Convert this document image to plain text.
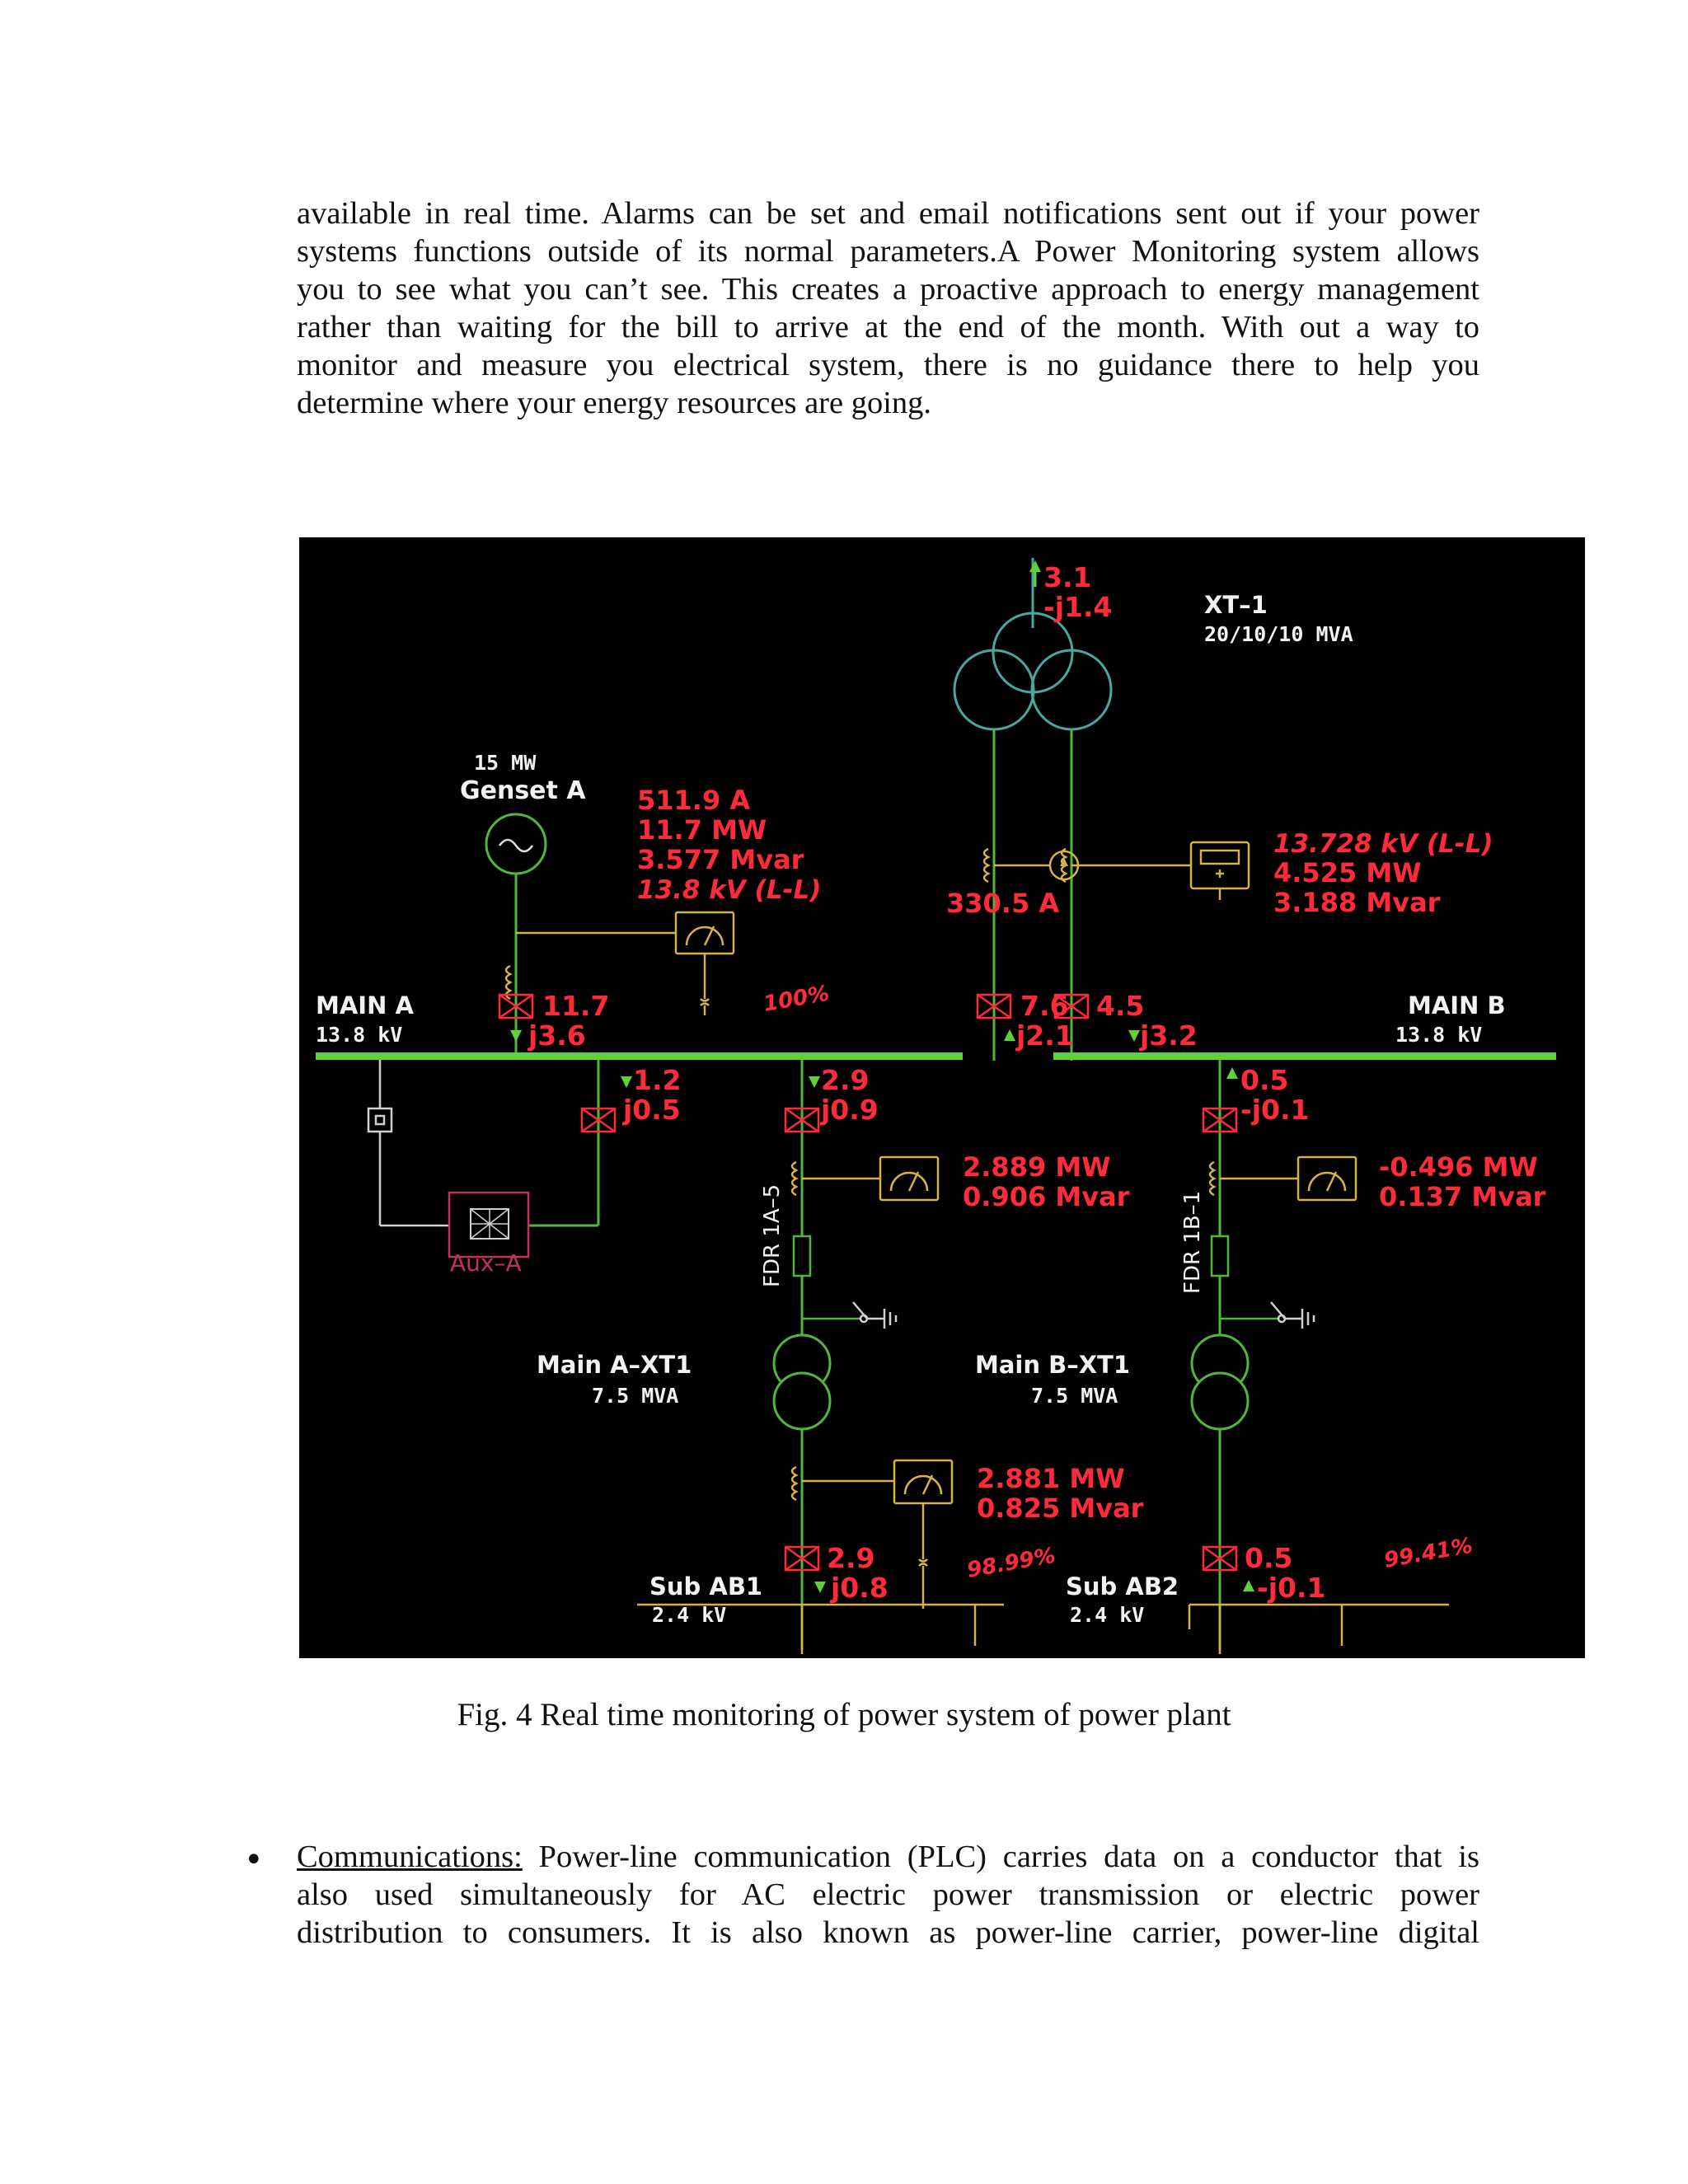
available in real time. Alarms can be set and email notifications sent out if your power
systems functions outside of its normal parameters.A Power Monitoring system allows
you to see what you can’t see. This creates a proactive approach to energy management
rather than waiting for the bill to arrive at the end of the month. With out a way to
monitor and measure you electrical system, there is no guidance there to help you
determine where your energy resources are going.
3.1
-j1.4	XT–1
20/10/10 MVA
330.5 A
13.728 kV (L-L)
4.525 MW
3.188 Mvar
15 MW
Genset A 511.9 A
11.7 MW
3.577 Mvar
13.8 kV (L-L)
11.7
j3.6
MAIN A
13.8 kV
MAIN B
13.8 kV
100%	7.6
j2.1
4.5
j3.2
Aux–A
1.2
j0.5
2.9
j0.9
2.889 MW
0.906 Mvar
FDR 1A–5
Main A–XT1
7.5 MVA
2.881 MW
0.825 Mvar
2.9
j0.8
98.99%
Sub AB1
2.4 kV
0.5
-j0.1
-0.496 MW
0.137 Mvar
FDR 1B–1
Main B–XT1
7.5 MVA
0.5
-j0.1
99.41%
Sub AB2
2.4 kV
Fig. 4 Real time monitoring of power system of power plant
• Communications: Power-line communication (PLC) carries data on a conductor that is
also used simultaneously for AC electric power transmission or electric power
distribution to consumers. It is also known as power-line carrier, power-line digital
